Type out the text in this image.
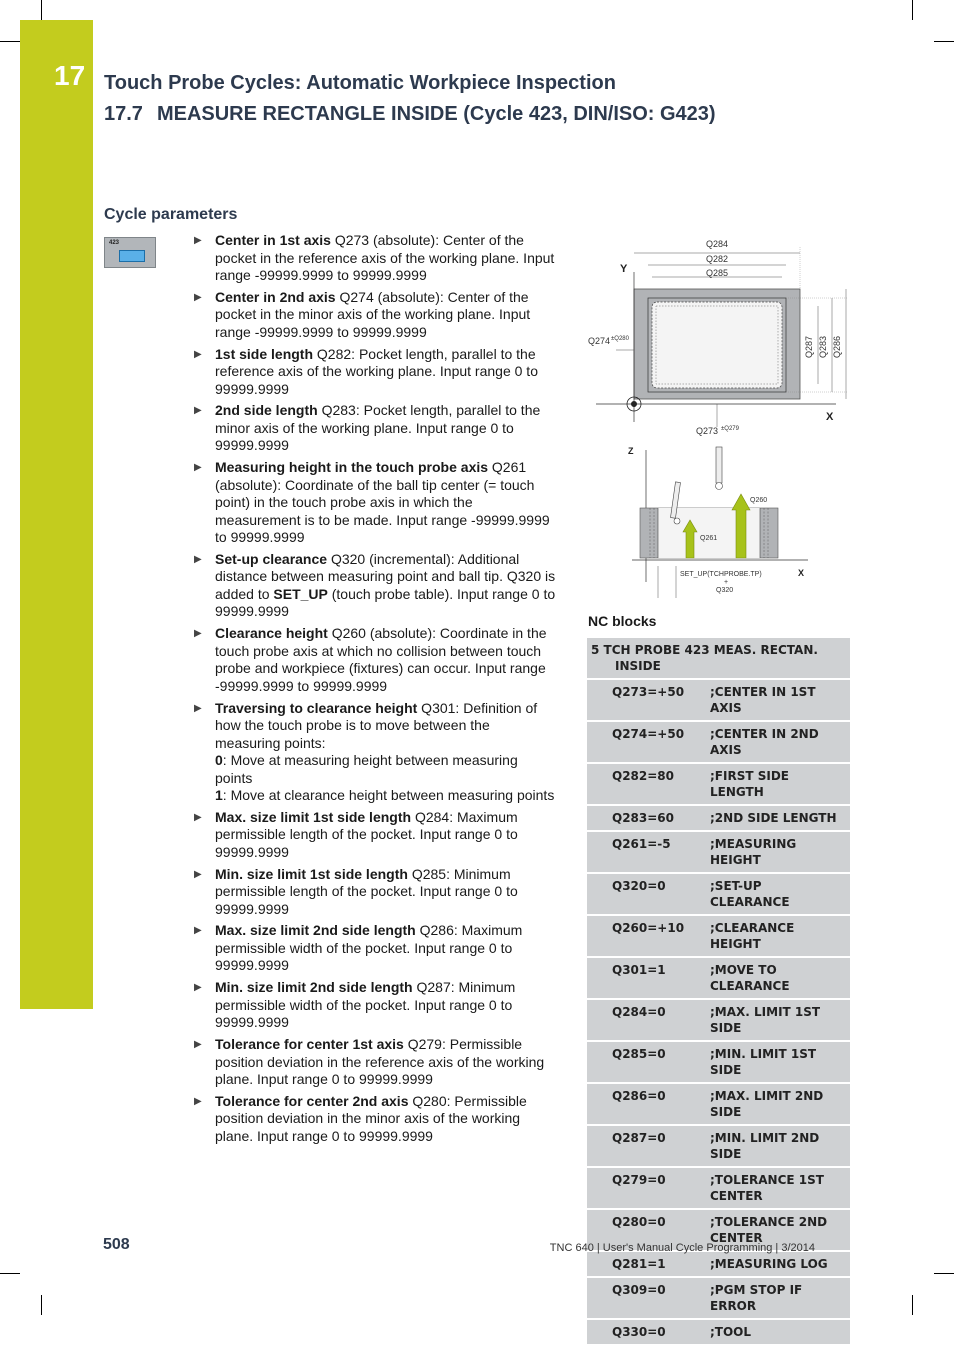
17 Touch Probe Cycles: Automatic Workpiece Inspection
17.7 MEASURE RECTANGLE INSIDE (Cycle 423, DIN/ISO: G423)
Cycle parameters
423	▶ Center in 1st axis Q273 (absolute): Center of the pocket in the reference axis of the working plane. Input range -99999.9999 to 99999.9999
▶ Center in 2nd axis Q274 (absolute): Center of the pocket in the minor axis of the working plane. Input range -99999.9999 to 99999.9999
▶ 1st side length Q282: Pocket length, parallel to the reference axis of the working plane. Input range 0 to 99999.9999
▶ 2nd side length Q283: Pocket length, parallel to the minor axis of the working plane. Input range 0 to 99999.9999
▶ Measuring height in the touch probe axis Q261 (absolute): Coordinate of the ball tip center (= touch point) in the touch probe axis in which the measurement is to be made. Input range -99999.9999 to 99999.9999
▶ Set-up clearance Q320 (incremental): Additional distance between measuring point and ball tip. Q320 is added to SET_UP (touch probe table). Input range 0 to 99999.9999
▶ Clearance height Q260 (absolute): Coordinate in the touch probe axis at which no collision between touch probe and workpiece (fixtures) can occur. Input range -99999.9999 to 99999.9999
▶ Traversing to clearance height Q301: Definition of how the touch probe is to move between the measuring points:
0: Move at measuring height between measuring points
1: Move at clearance height between measuring points
▶ Max. size limit 1st side length Q284: Maximum permissible length of the pocket. Input range 0 to 99999.9999
▶ Min. size limit 1st side length Q285: Minimum permissible length of the pocket. Input range 0 to 99999.9999
▶ Max. size limit 2nd side length Q286: Maximum permissible width of the pocket. Input range 0 to 99999.9999
▶ Min. size limit 2nd side length Q287: Minimum permissible width of the pocket. Input range 0 to 99999.9999
▶ Tolerance for center 1st axis Q279: Permissible position deviation in the reference axis of the working plane. Input range 0 to 99999.9999
▶ Tolerance for center 2nd axis Q280: Permissible position deviation in the minor axis of the working plane. Input range 0 to 99999.9999
Q284
Q282
Q285
Y
X
Q274 ±Q280
Q273 ±Q279
Q287 Q283 Q286
Z
X
Q260
Q261
SET_UP(TCHPROBE.TP)
+
Q320
NC blocks
5 TCH PROBE 423 MEAS. RECTAN.
INSIDE	

Q273=+50	;CENTER IN 1ST AXIS
Q274=+50	;CENTER IN 2ND AXIS
Q282=80	;FIRST SIDE LENGTH
Q283=60	;2ND SIDE LENGTH
Q261=-5	;MEASURING HEIGHT
Q320=0	;SET-UP CLEARANCE
Q260=+10	;CLEARANCE HEIGHT
Q301=1	;MOVE TO CLEARANCE
Q284=0	;MAX. LIMIT 1ST SIDE
Q285=0	;MIN. LIMIT 1ST SIDE
Q286=0	;MAX. LIMIT 2ND SIDE
Q287=0	;MIN. LIMIT 2ND SIDE
Q279=0	;TOLERANCE 1ST CENTER
Q280=0	;TOLERANCE 2ND CENTER
Q281=1	;MEASURING LOG
Q309=0	;PGM STOP IF ERROR
Q330=0	;TOOL
508	TNC 640 | User's Manual Cycle Programming | 3/2014
